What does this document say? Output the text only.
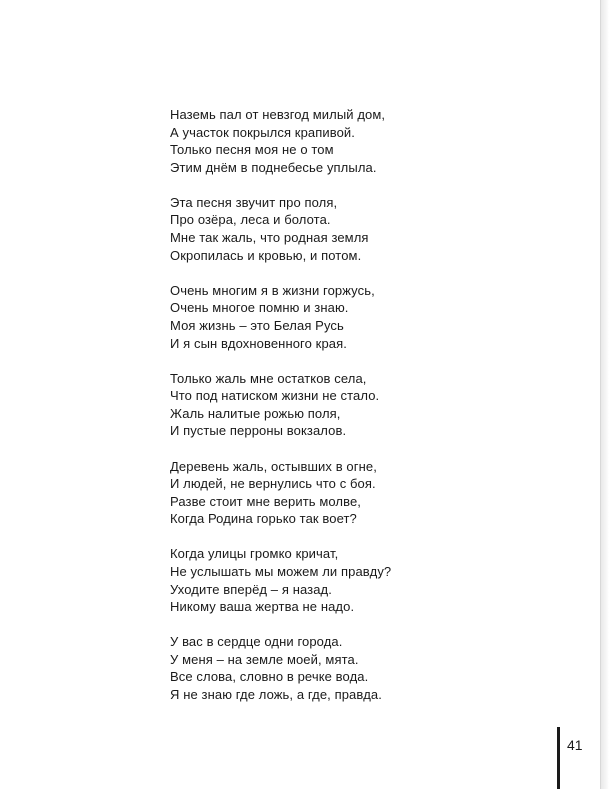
Наземь пал от невзгод милый дом,
А участок покрылся крапивой.
Только песня моя не о том
Этим днём в поднебесье уплыла.
Эта песня звучит про поля,
Про озёра, леса и болота.
Мне так жаль, что родная земля
Окропилась и кровью, и потом.
Очень многим я в жизни горжусь,
Очень многое помню и знаю.
Моя жизнь – это Белая Русь
И я сын вдохновенного края.
Только жаль мне остатков села,
Что под натиском жизни не стало.
Жаль налитые рожью поля,
И пустые перроны вокзалов.
Деревень жаль, остывших в огне,
И людей, не вернулись что с боя.
Разве стоит мне верить молве,
Когда Родина горько так воет?
Когда улицы громко кричат,
Не услышать мы можем ли правду?
Уходите вперёд – я назад.
Никому ваша жертва не надо.
У вас в сердце одни города.
У меня – на земле моей, мята.
Все слова, словно в речке вода.
Я не знаю где ложь, а где, правда.
41
